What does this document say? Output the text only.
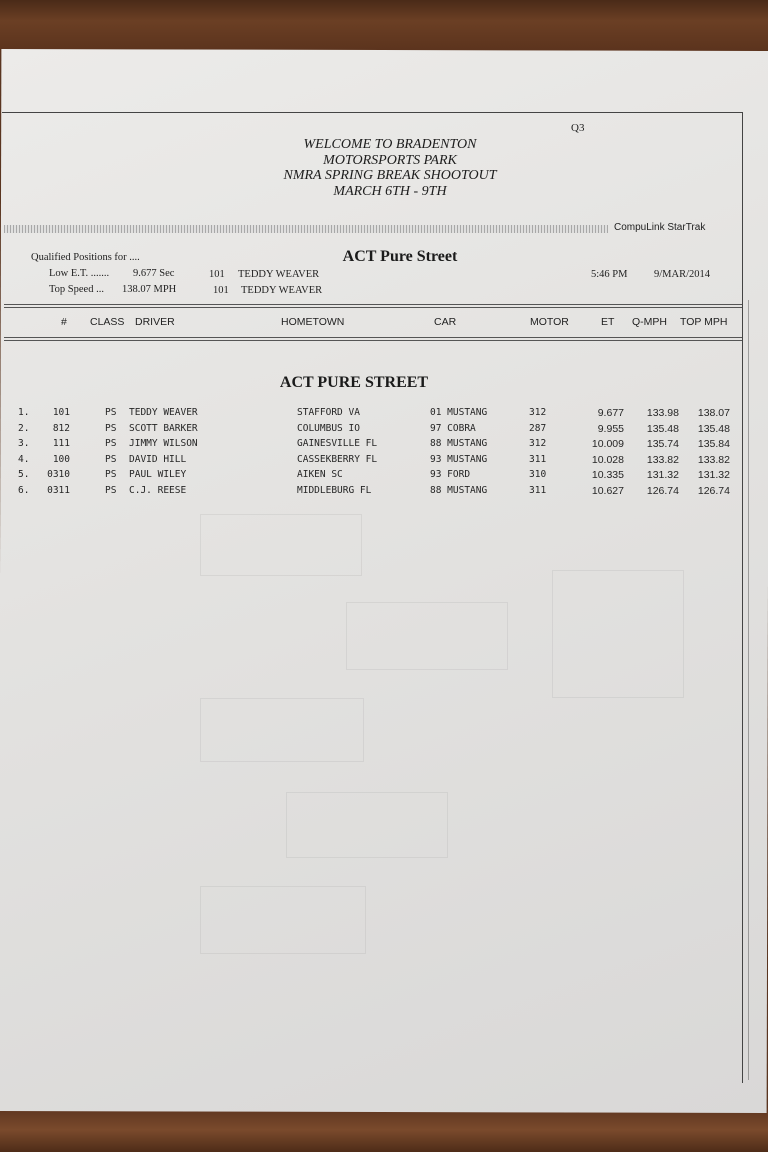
Q3
WELCOME TO BRADENTON
MOTORSPORTS PARK
NMRA SPRING BREAK SHOOTOUT
MARCH 6TH - 9TH
CompuLink StarTrak
Qualified Positions for ....
Low E.T. ....... 9.677 Sec	101 TEDDY WEAVER
Top Speed ... 138.07 MPH	101 TEDDY WEAVER
ACT Pure Street
5:46 PM	9/MAR/2014
# CLASS DRIVER	HOMETOWN	CAR	MOTOR	ET Q-MPH TOP MPH
ACT PURE STREET
1.	101	PS TEDDY WEAVER	STAFFORD VA	01 MUSTANG	312	9.677	133.98	138.07
2.	812	PS SCOTT BARKER	COLUMBUS IO	97 COBRA	287	9.955	135.48	135.48
3.	111	PS JIMMY WILSON	GAINESVILLE FL	88 MUSTANG	312	10.009	135.74	135.84
4.	100	PS DAVID HILL	CASSEKBERRY FL	93 MUSTANG	311	10.028	133.82	133.82
5.	0310	PS PAUL WILEY	AIKEN SC	93 FORD	310	10.335	131.32	131.32
6.	0311	PS C.J. REESE	MIDDLEBURG FL	88 MUSTANG	311	10.627	126.74	126.74
